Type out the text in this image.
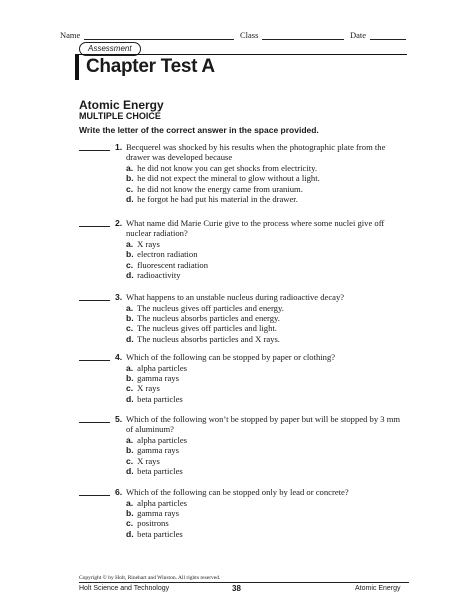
Name	Class	Date
Assessment
Chapter Test A
Atomic Energy
MULTIPLE CHOICE
Write the letter of the correct answer in the space provided.
1. Becquerel was shocked by his results when the photographic plate from the drawer was developed because
a. he did not know you can get shocks from electricity.
b. he did not expect the mineral to glow without a light.
c. he did not know the energy came from uranium.
d. he forgot he had put his material in the drawer.
2. What name did Marie Curie give to the process where some nuclei give off nuclear radiation?
a. X rays
b. electron radiation
c. fluorescent radiation
d. radioactivity
3. What happens to an unstable nucleus during radioactive decay?
a. The nucleus gives off particles and energy.
b. The nucleus absorbs particles and energy.
c. The nucleus gives off particles and light.
d. The nucleus absorbs particles and X rays.
4. Which of the following can be stopped by paper or clothing?
a. alpha particles
b. gamma rays
c. X rays
d. beta particles
5. Which of the following won’t be stopped by paper but will be stopped by 3 mm of aluminum?
a. alpha particles
b. gamma rays
c. X rays
d. beta particles
6. Which of the following can be stopped only by lead or concrete?
a. alpha particles
b. gamma rays
c. positrons
d. beta particles
Copyright © by Holt, Rinehart and Winston. All rights reserved.
Holt Science and Technology	38	Atomic Energy
